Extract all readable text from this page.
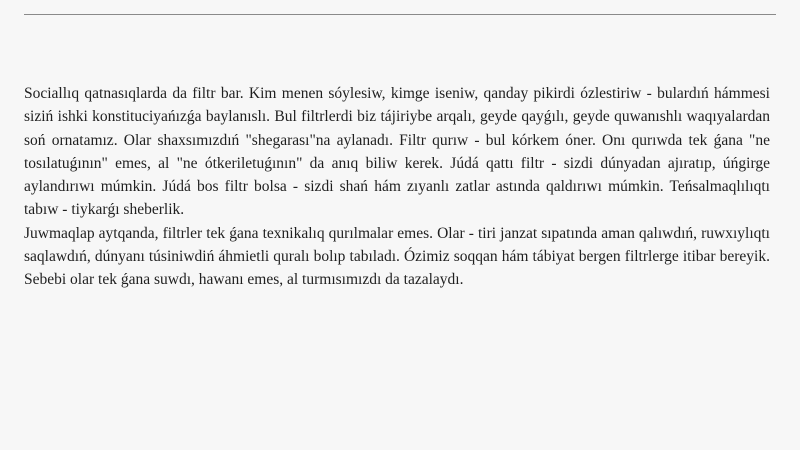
Sociallıq qatnasıqlarda da filtr bar. Kim menen sóylesiw, kimge iseniw, qanday pikirdi ózlestiriw - bulardıń hámmesi siziń ishki konstituciyańızǵa baylanıslı. Bul filtrlerdi biz tájiriybe arqalı, geyde qayǵılı, geyde quwanıshlı waqıyalardan soń ornatamız. Olar shaxsımızdıń "shegarası"na aylanadı. Filtr qurıw - bul kórkem óner. Onı qurıwda tek ǵana "ne tosılatuǵının" emes, al "ne ótkeriletuǵının" da anıq biliw kerek. Júdá qattı filtr - sizdi dúnyadan ajıratıp, úńgirge aylandırıwı múmkin. Júdá bos filtr bolsa - sizdi shań hám zıyanlı zatlar astında qaldırıwı múmkin. Teńsalmaqlılıqtı tabıw - tiykarǵı sheberlik.

Juwmaqlap aytqanda, filtrler tek ǵana texnikalıq qurılmalar emes. Olar - tiri janzat sıpatında aman qalıwdıń, ruwxıylıqtı saqlawdıń, dúnyanı túsiniwdiń áhmietli quralı bolıp tabıladı. Ózimiz soqqan hám tábiyat bergen filtrlerge itibar bereyik. Sebebi olar tek ǵana suwdı, hawanı emes, al turmısımızdı da tazalaydı.
